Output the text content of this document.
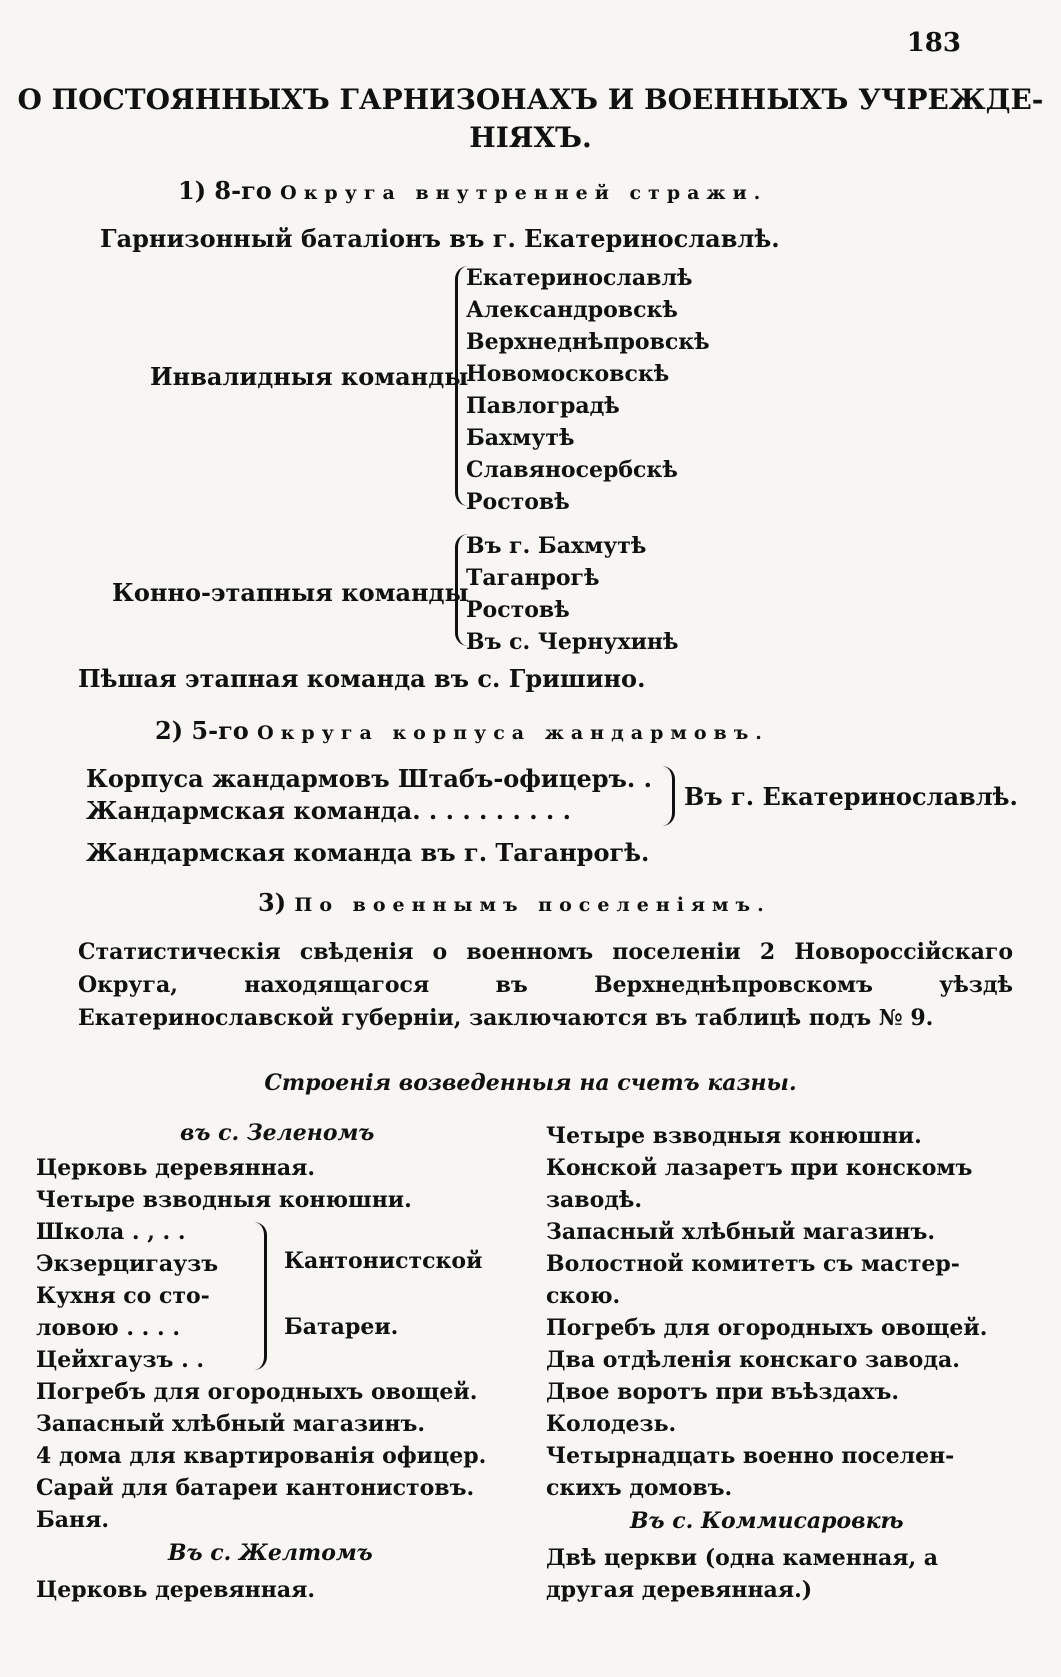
183
О ПОСТОЯННЫХЪ ГАРНИЗОНАХЪ И ВОЕННЫХЪ УЧРЕЖДЕ-
НІЯХЪ.
1) 8-го Округа внутренней стражи.
Гарнизонный баталіонъ въ г. Екатеринославлѣ.
Инвалидныя команды
Екатеринославлѣ
Александровскѣ
Верхнеднѣпровскѣ
Новомосковскѣ
Павлоградѣ
Бахмутѣ
Славяносербскѣ
Ростовѣ
Конно-этапныя команды
Въ г. Бахмутѣ
Таганрогѣ
Ростовѣ
Въ с. Чернухинѣ
Пѣшая этапная команда въ с. Гришино.
2) 5-го Округа корпуса жандармовъ.
Корпуса жандармовъ Штабъ-офицеръ. .
Жандармская команда. . . . . . . . . .	Въ г. Екатеринославлѣ.
Жандармская команда въ г. Таганрогѣ.
3) По военнымъ поселеніямъ.
Статистическія свѣденія о военномъ поселеніи 2 Новороссійскаго Округа, находящагося въ Верхнеднѣпровскомъ уѣздѣ Екатеринославской губерніи, заключаются въ таблицѣ подъ № 9.
Строенія возведенныя на счетъ казны.
въ с. Зеленомъ
Церковь деревянная.
Четыре взводныя конюшни.
Школа . , . .
Экзерцигаузъ
Кухня со сто-
ловою . . . .
Цейхгаузъ . .
Кантонистской
Батареи.
Погребъ для огородныхъ овощей.
Запасный хлѣбный магазинъ.
4 дома для квартированія офицер.
Сарай для батареи кантонистовъ.
Баня.
Въ с. Желтомъ
Церковь деревянная.
Четыре взводныя конюшни.
Конской лазаретъ при конскомъ
заводѣ.
Запасный хлѣбный магазинъ.
Волостной комитетъ съ мастер-
скою.
Погребъ для огородныхъ овощей.
Два отдѣленія конскаго завода.
Двое воротъ при въѣздахъ.
Колодезь.
Четырнадцать военно поселен-
скихъ домовъ.
Въ с. Коммисаровкѣ
Двѣ церкви (одна каменная, а
другая деревянная.)
